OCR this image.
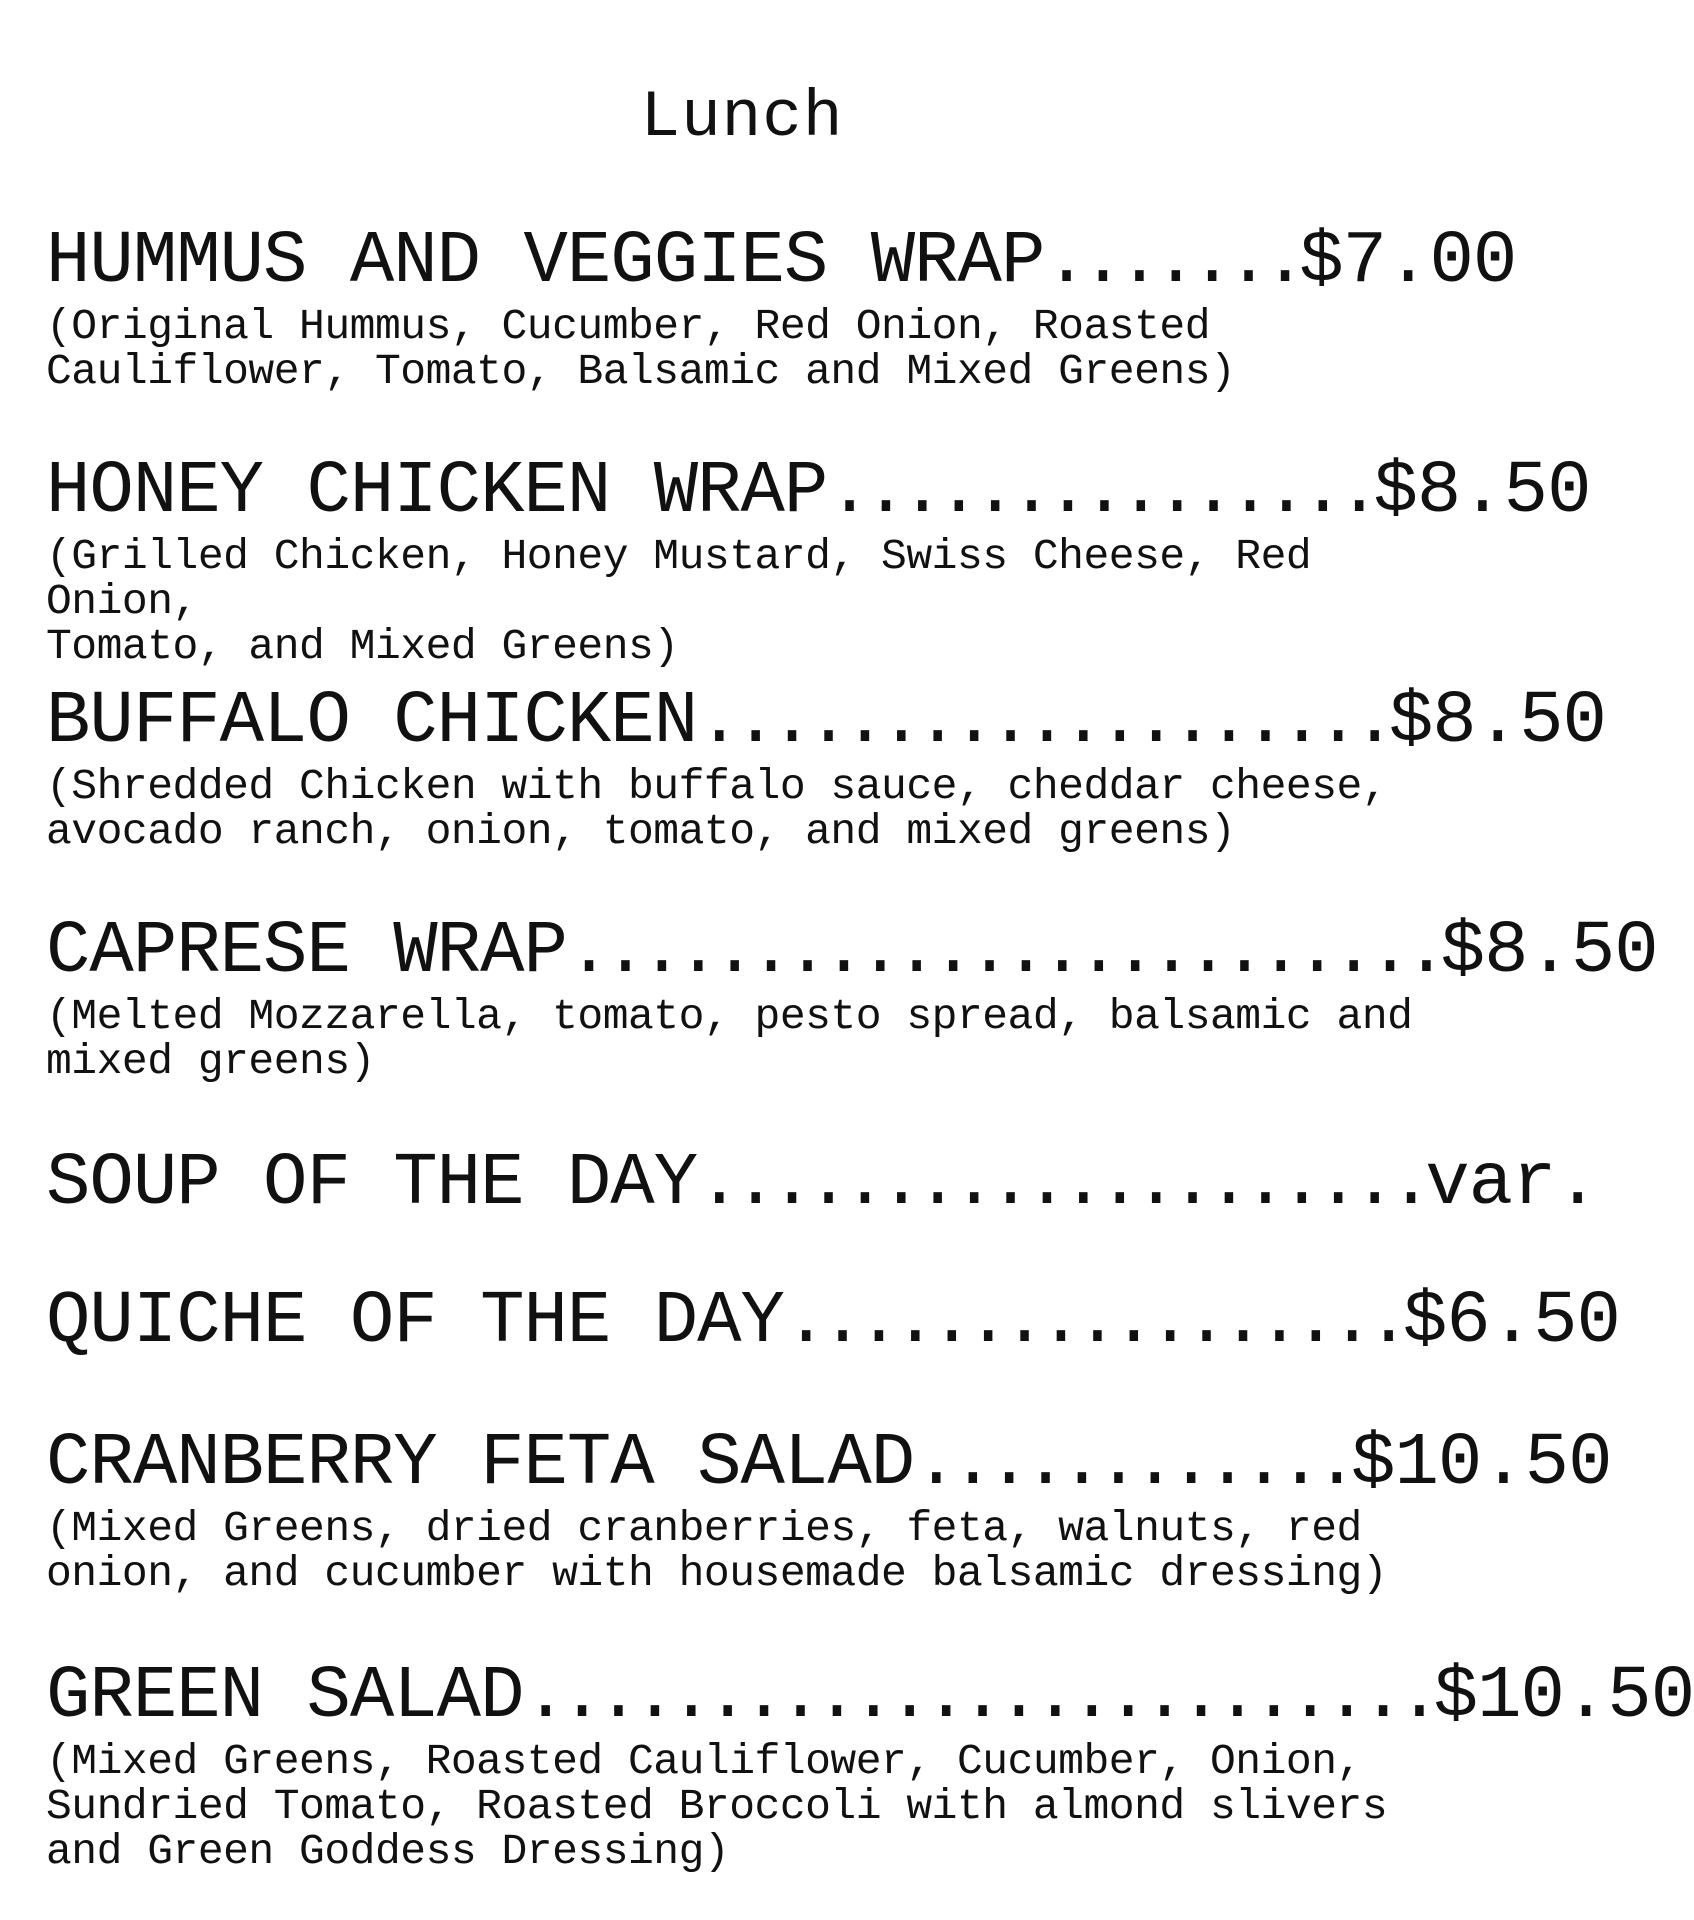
Lunch
HUMMUS AND VEGGIES WRAP.......$7.00
(Original Hummus, Cucumber, Red Onion, Roasted
Cauliflower, Tomato, Balsamic and Mixed Greens)
HONEY CHICKEN WRAP...............$8.50
(Grilled Chicken, Honey Mustard, Swiss Cheese, Red Onion,
Tomato, and Mixed Greens)
BUFFALO CHICKEN...................$8.50
(Shredded Chicken with buffalo sauce, cheddar cheese,
avocado ranch, onion, tomato, and mixed greens)
CAPRESE WRAP........................$8.50
(Melted Mozzarella, tomato, pesto spread, balsamic and
mixed greens)
SOUP OF THE DAY....................var.
QUICHE OF THE DAY.................$6.50
CRANBERRY FETA SALAD............$10.50
(Mixed Greens, dried cranberries, feta, walnuts, red
onion, and cucumber with housemade balsamic dressing)
GREEN SALAD.........................$10.50
(Mixed Greens, Roasted Cauliflower, Cucumber, Onion,
Sundried Tomato, Roasted Broccoli with almond slivers
and Green Goddess Dressing)
